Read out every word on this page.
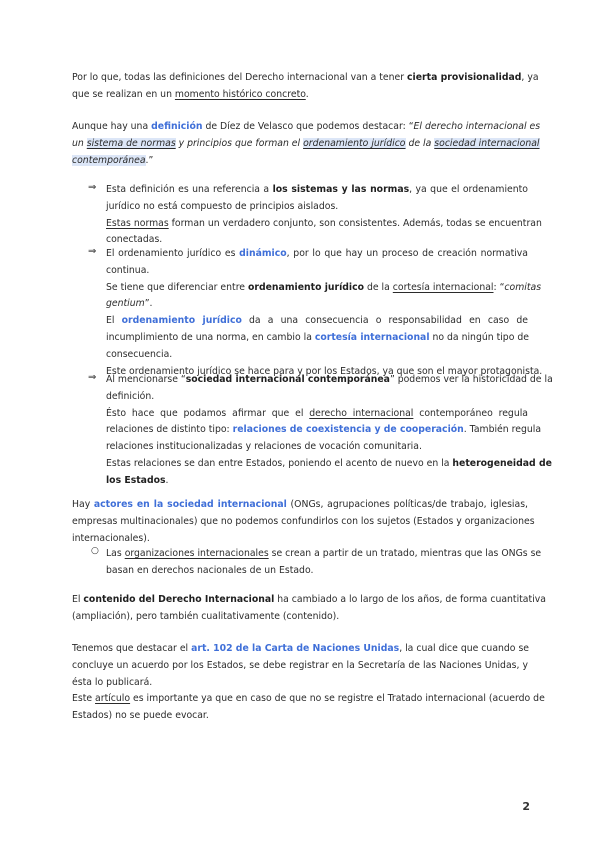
Por lo que, todas las definiciones del Derecho internacional van a tener cierta provisionalidad, ya
que se realizan en un momento histórico concreto.
Aunque hay una definición de Díez de Velasco que podemos destacar: “El derecho internacional es
un sistema de normas y principios que forman el ordenamiento jurídico de la sociedad internacional
contemporánea.”
⇒	Esta definición es una referencia a los sistemas y las normas, ya que el ordenamiento
jurídico no está compuesto de principios aislados.
Estas normas forman un verdadero conjunto, son consistentes. Además, todas se encuentran
conectadas.
⇒	El ordenamiento jurídico es dinámico, por lo que hay un proceso de creación normativa
continua.
Se tiene que diferenciar entre ordenamiento jurídico de la cortesía internacional: “comitas
gentium”.
El ordenamiento jurídico da a una consecuencia o responsabilidad en caso de
incumplimiento de una norma, en cambio la cortesía internacional no da ningún tipo de
consecuencia.
Este ordenamiento jurídico se hace para y por los Estados, ya que son el mayor protagonista.
⇒	Al mencionarse “sociedad internacional contemporánea” podemos ver la historicidad de la
definición.
Ésto hace que podamos afirmar que el derecho internacional contemporáneo regula
relaciones de distinto tipo: relaciones de coexistencia y de cooperación. También regula
relaciones institucionalizadas y relaciones de vocación comunitaria.
Estas relaciones se dan entre Estados, poniendo el acento de nuevo en la heterogeneidad de
los Estados.
Hay actores en la sociedad internacional (ONGs, agrupaciones políticas/de trabajo, iglesias,
empresas multinacionales) que no podemos confundirlos con los sujetos (Estados y organizaciones
internacionales).
○ Las organizaciones internacionales se crean a partir de un tratado, mientras que las ONGs se
basan en derechos nacionales de un Estado.
El contenido del Derecho Internacional ha cambiado a lo largo de los años, de forma cuantitativa
(ampliación), pero también cualitativamente (contenido).
Tenemos que destacar el art. 102 de la Carta de Naciones Unidas, la cual dice que cuando se
concluye un acuerdo por los Estados, se debe registrar en la Secretaría de las Naciones Unidas, y
ésta lo publicará.
Este artículo es importante ya que en caso de que no se registre el Tratado internacional (acuerdo de
Estados) no se puede evocar.
2
